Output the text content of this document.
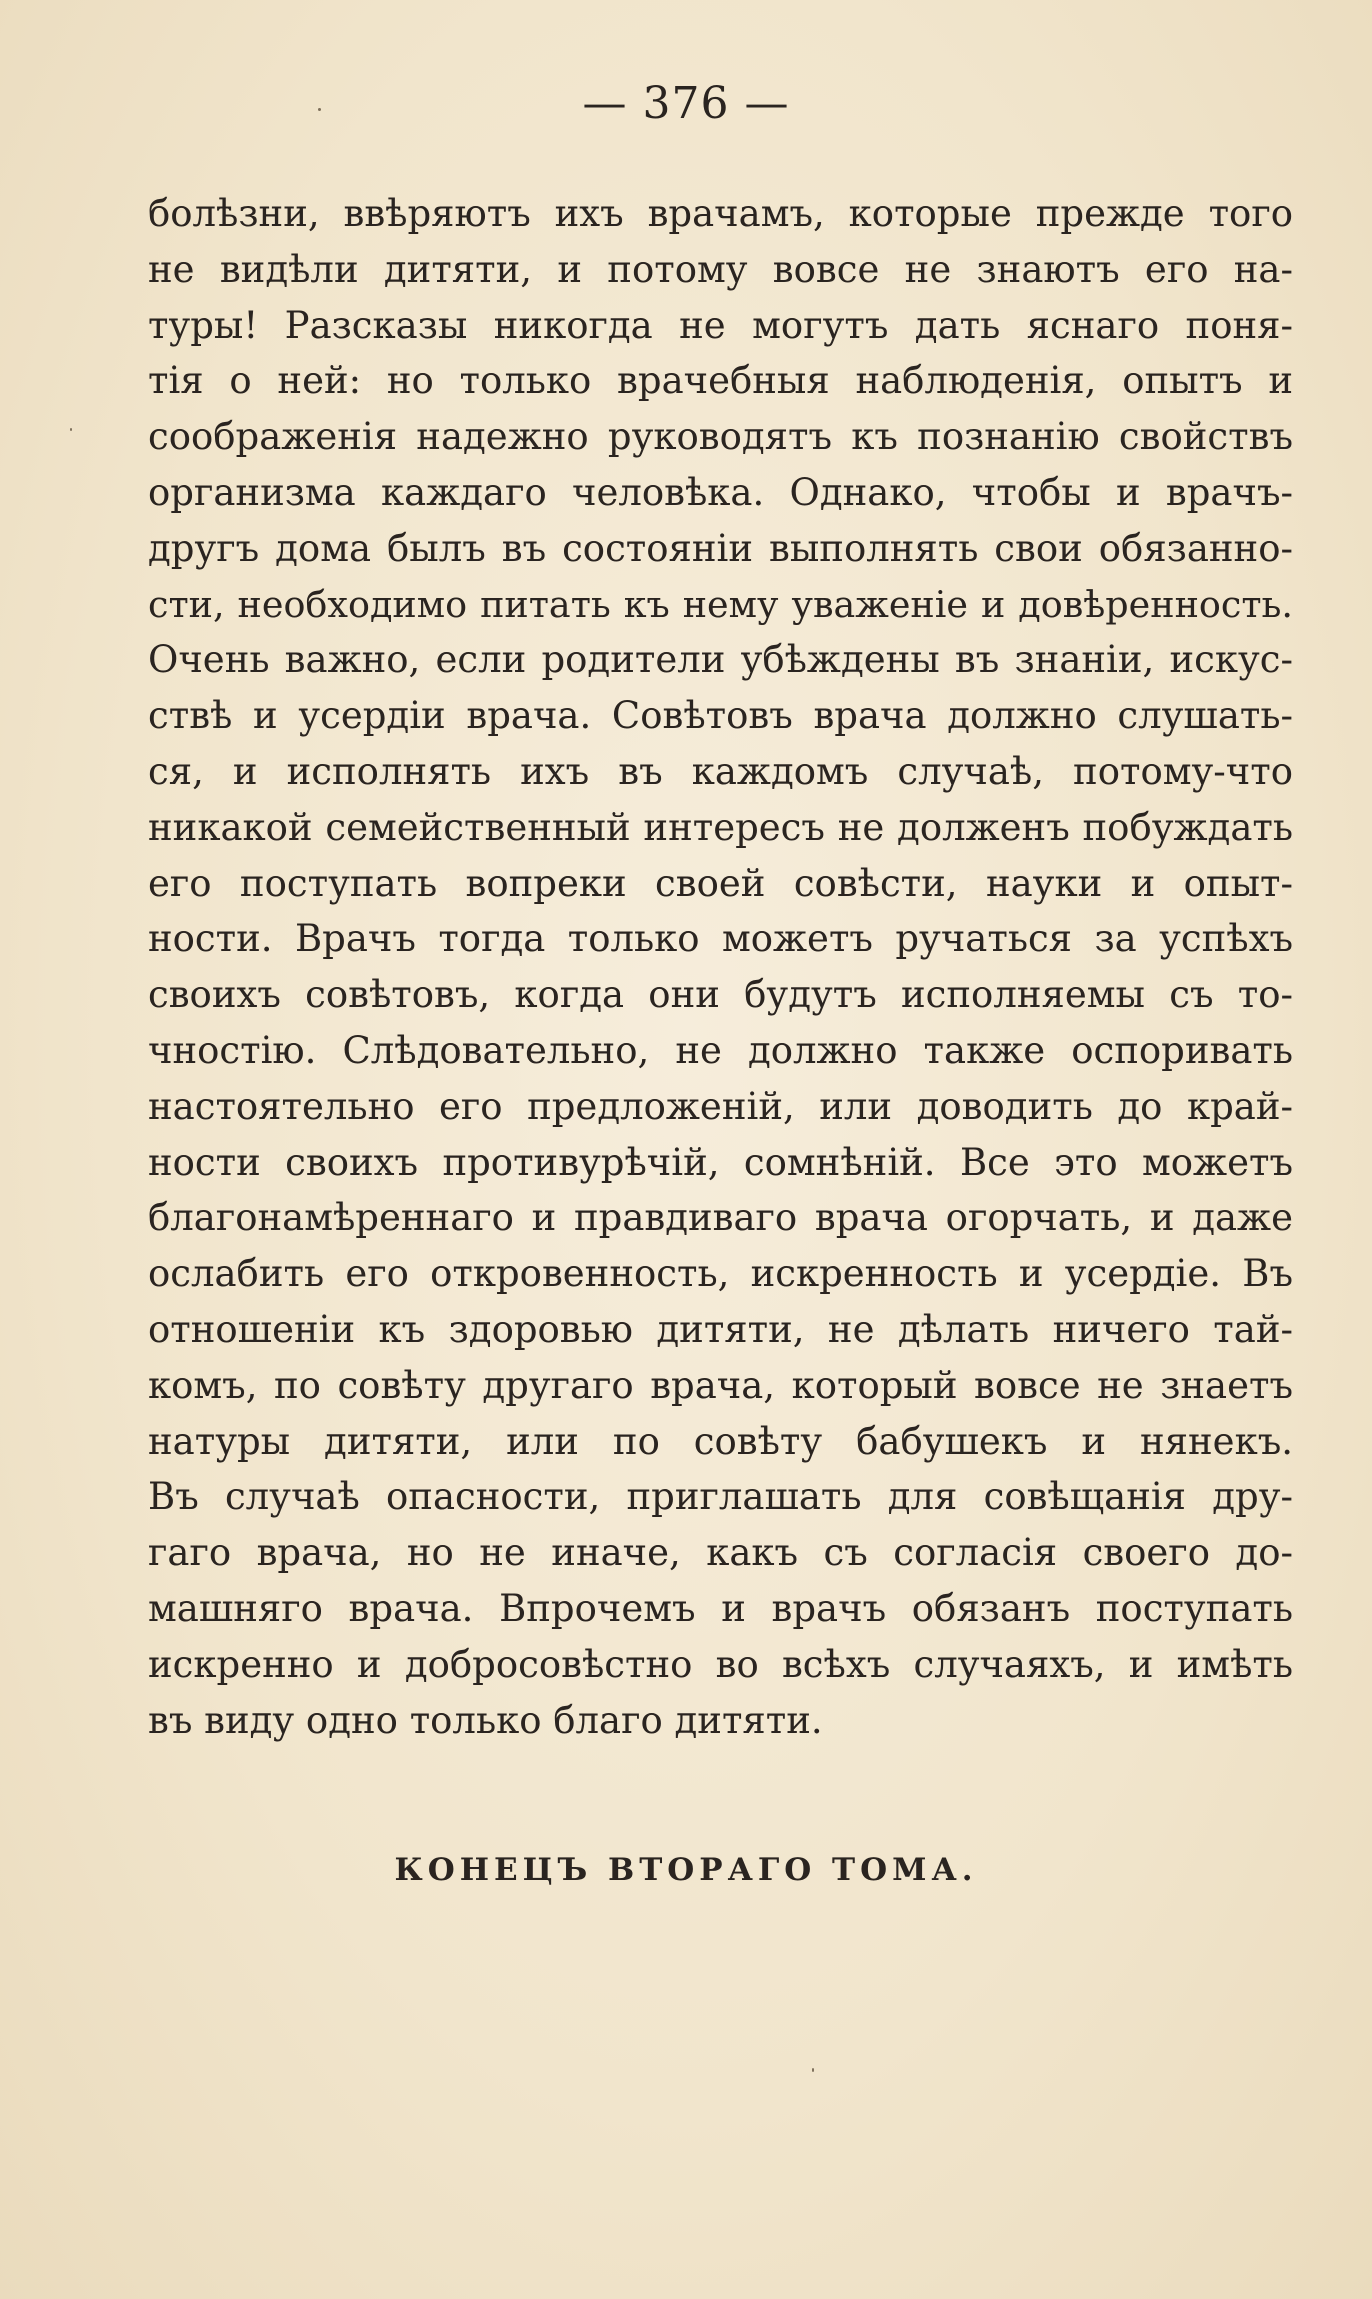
— 376 —
болѣзни, ввѣряютъ ихъ врачамъ, которые прежде того
не видѣли дитяти, и потому вовсе не знаютъ его на-
туры! Разсказы никогда не могутъ дать яснаго поня-
тія о ней: но только врачебныя наблюденія, опытъ и
соображенія надежно руководятъ къ познанію свойствъ
организма каждаго человѣка. Однако, чтобы и врачъ-
другъ дома былъ въ состояніи выполнять свои обязанно-
сти, необходимо питать къ нему уваженіе и довѣренность.
Очень важно, если родители убѣждены въ знаніи, искус-
ствѣ и усердіи врача. Совѣтовъ врача должно слушать-
ся, и исполнять ихъ въ каждомъ случаѣ, потому-что
никакой семейственный интересъ не долженъ побуждать
его поступать вопреки своей совѣсти, науки и опыт-
ности. Врачъ тогда только можетъ ручаться за успѣхъ
своихъ совѣтовъ, когда они будутъ исполняемы съ то-
чностію. Слѣдовательно, не должно также оспоривать
настоятельно его предложеній, или доводить до край-
ности своихъ противурѣчій, сомнѣній. Все это можетъ
благонамѣреннаго и правдиваго врача огорчать, и даже
ослабить его откровенность, искренность и усердіе. Въ
отношеніи къ здоровью дитяти, не дѣлать ничего тай-
комъ, по совѣту другаго врача, который вовсе не знаетъ
натуры дитяти, или по совѣту бабушекъ и нянекъ.
Въ случаѣ опасности, приглашать для совѣщанія дру-
гаго врача, но не иначе, какъ съ согласія своего до-
машняго врача. Впрочемъ и врачъ обязанъ поступать
искренно и добросовѣстно во всѣхъ случаяхъ, и имѣть
въ виду одно только благо дитяти.
КОНЕЦЪ ВТОРАГО ТОМА.
